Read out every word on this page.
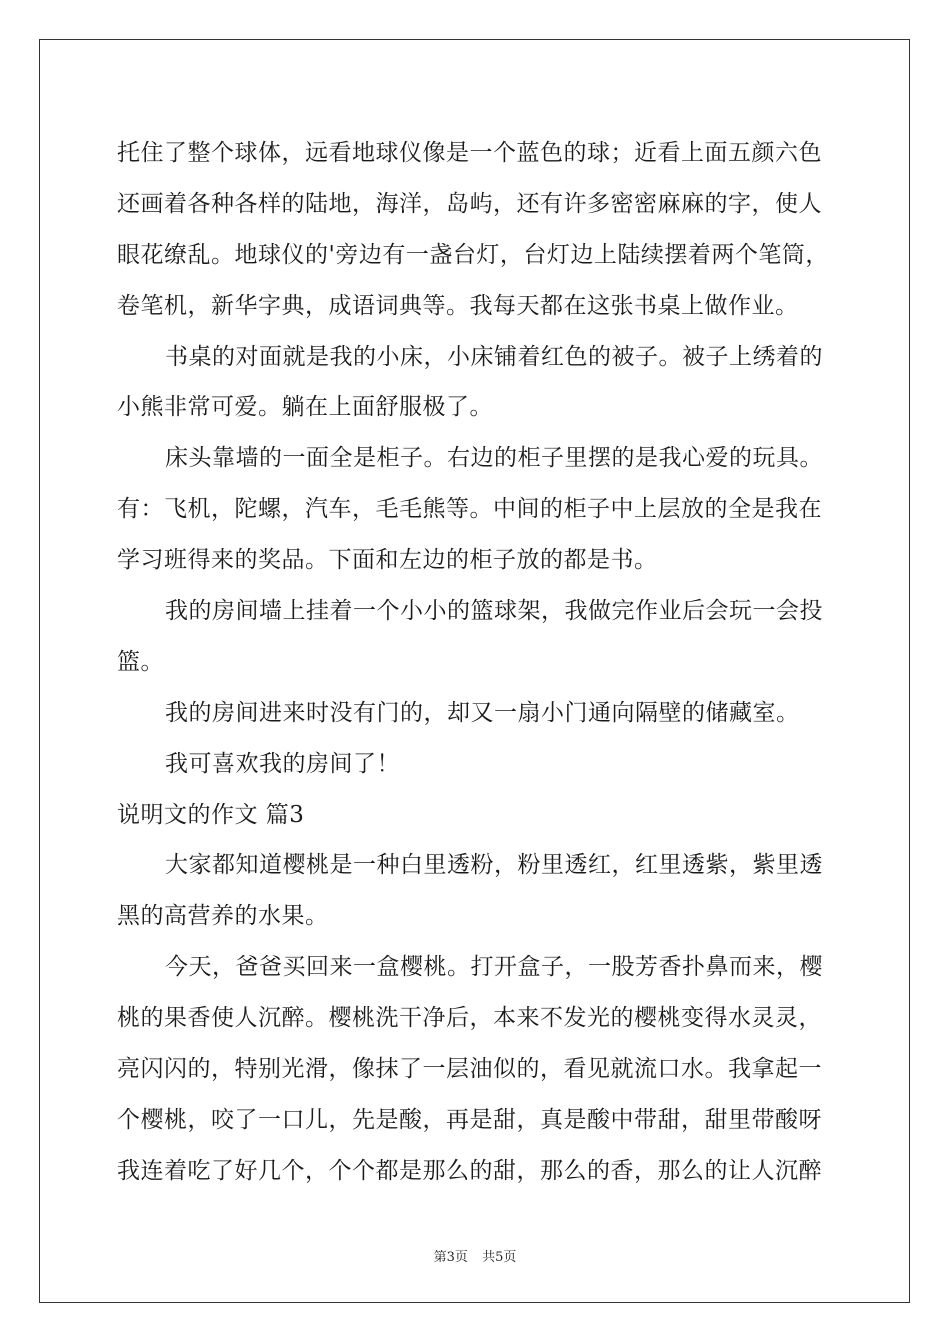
托住了整个球体，远看地球仪像是一个蓝色的球；近看上面五颜六色
还画着各种各样的陆地，海洋，岛屿，还有许多密密麻麻的字，使人
眼花缭乱。地球仪的'旁边有一盏台灯，台灯边上陆续摆着两个笔筒，
卷笔机，新华字典，成语词典等。我每天都在这张书桌上做作业。
书桌的对面就是我的小床，小床铺着红色的被子。被子上绣着的
小熊非常可爱。躺在上面舒服极了。
床头靠墙的一面全是柜子。右边的柜子里摆的是我心爱的玩具。
有：飞机，陀螺，汽车，毛毛熊等。中间的柜子中上层放的全是我在
学习班得来的奖品。下面和左边的柜子放的都是书。
我的房间墙上挂着一个小小的篮球架，我做完作业后会玩一会投
篮。
我的房间进来时没有门的，却又一扇小门通向隔壁的储藏室。
我可喜欢我的房间了！
说明文的作文 篇3
大家都知道樱桃是一种白里透粉，粉里透红，红里透紫，紫里透
黑的高营养的水果。
今天，爸爸买回来一盒樱桃。打开盒子，一股芳香扑鼻而来，樱
桃的果香使人沉醉。樱桃洗干净后，本来不发光的樱桃变得水灵灵，
亮闪闪的，特别光滑，像抹了一层油似的，看见就流口水。我拿起一
个樱桃，咬了一口儿，先是酸，再是甜，真是酸中带甜，甜里带酸呀
我连着吃了好几个，个个都是那么的甜，那么的香，那么的让人沉醉
第3页 共5页
